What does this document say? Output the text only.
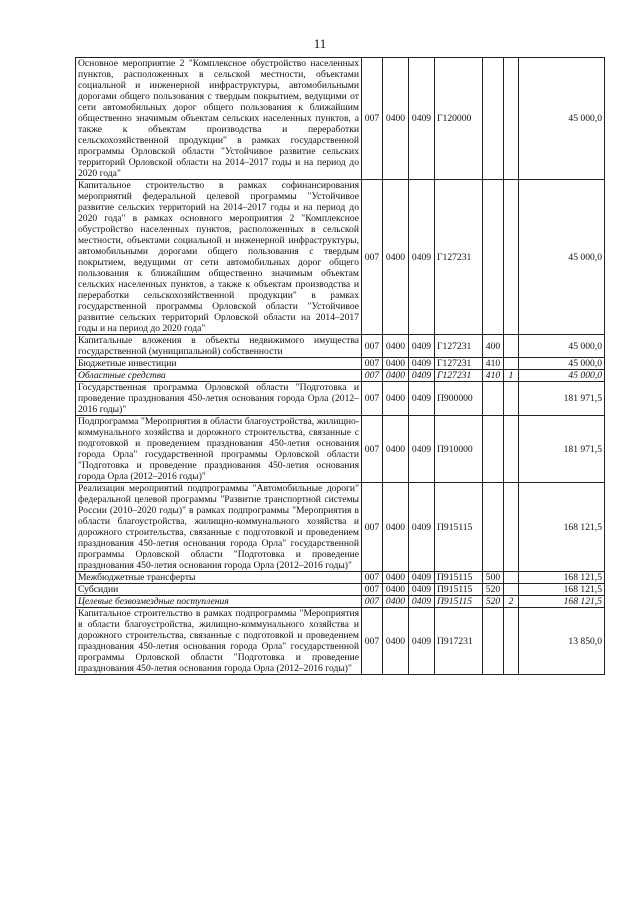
11
Основное мероприятие 2 "Комплексное обустройство населенных пунктов, расположенных в сельской местности, объектами социальной и инженерной инфраструктуры, автомобильными дорогами общего пользования с твердым покрытием, ведущими от сети автомобильных дорог общего пользования к ближайшим общественно значимым объектам сельских населенных пунктов, а также к объектам производства и переработки сельскохозяйственной продукции" в рамках государственной программы Орловской области "Устойчивое развитие сельских территорий Орловской области на 2014–2017 годы и на период до 2020 года"	007	0400	0409	Г120000			45 000,0
Капитальное строительство в рамках софинансирования мероприятий федеральной целевой программы "Устойчивое развитие сельских территорий на 2014–2017 годы и на период до 2020 года" в рамках основного мероприятия 2 "Комплексное обустройство населенных пунктов, расположенных в сельской местности, объектами социальной и инженерной инфраструктуры, автомобильными дорогами общего пользования с твердым покрытием, ведущими от сети автомобильных дорог общего пользования к ближайшим общественно значимым объектам сельских населенных пунктов, а также к объектам производства и переработки сельскохозяйственной продукции" в рамках государственной программы Орловской области "Устойчивое развитие сельских территорий Орловской области на 2014–2017 годы и на период до 2020 года"	007	0400	0409	Г127231			45 000,0
Капитальные вложения в объекты недвижимого имущества государственной (муниципальной) собственности	007	0400	0409	Г127231	400		45 000,0
Бюджетные инвестиции	007	0400	0409	Г127231	410		45 000,0
Областные средства	007	0400	0409	Г127231	410	1	45 000,0
Государственная программа Орловской области "Подготовка и проведение празднования 450-летия основания города Орла (2012–2016 годы)"	007	0400	0409	П900000			181 971,5
Подпрограмма "Мероприятия в области благоустройства, жилищно-коммунального хозяйства и дорожного строительства, связанные с подготовкой и проведением празднования 450-летия основания города Орла" государственной программы Орловской области "Подготовка и проведение празднования 450-летия основания города Орла (2012–2016 годы)"	007	0400	0409	П910000			181 971,5
Реализация мероприятий подпрограммы "Автомобильные дороги" федеральной целевой программы "Развитие транспортной системы России (2010–2020 годы)" в рамках подпрограммы "Мероприятия в области благоустройства, жилищно-коммунального хозяйства и дорожного строительства, связанные с подготовкой и проведением празднования 450-летия основания города Орла" государственной программы Орловской области "Подготовка и проведение празднования 450-летия основания города Орла (2012–2016 годы)"	007	0400	0409	П915115			168 121,5
Межбюджетные трансферты	007	0400	0409	П915115	500		168 121,5
Субсидии	007	0400	0409	П915115	520		168 121,5
Целевые безвозмездные поступления	007	0400	0409	П915115	520	2	168 121,5
Капитальное строительство в рамках подпрограммы "Мероприятия в области благоустройства, жилищно-коммунального хозяйства и дорожного строительства, связанные с подготовкой и проведением празднования 450-летия основания города Орла" государственной программы Орловской области "Подготовка и проведение празднования 450-летия основания города Орла (2012–2016 годы)"	007	0400	0409	П917231			13 850,0
